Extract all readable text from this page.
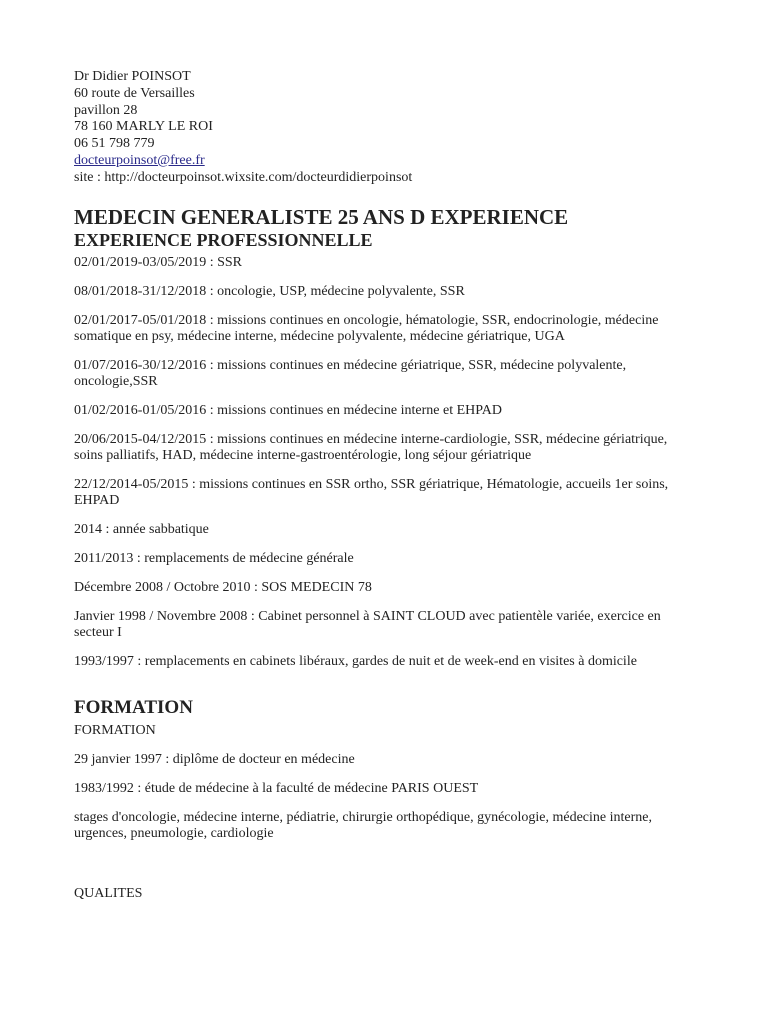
Dr Didier POINSOT
60 route de Versailles
pavillon 28
78 160 MARLY LE ROI
06 51 798 779
docteurpoinsot@free.fr
site : http://docteurpoinsot.wixsite.com/docteurdidierpoinsot
MEDECIN GENERALISTE 25 ANS D EXPERIENCE
EXPERIENCE PROFESSIONNELLE

02/01/2019-03/05/2019 : SSR

08/01/2018-31/12/2018 : oncologie, USP, médecine polyvalente, SSR

02/01/2017-05/01/2018 : missions continues en oncologie, hématologie, SSR, endocrinologie, médecine somatique en psy, médecine interne, médecine polyvalente, médecine gériatrique, UGA

01/07/2016-30/12/2016 : missions continues en médecine gériatrique, SSR, médecine polyvalente, oncologie,SSR

01/02/2016-01/05/2016 : missions continues en médecine interne et EHPAD

20/06/2015-04/12/2015 : missions continues en médecine interne-cardiologie, SSR, médecine gériatrique, soins palliatifs, HAD, médecine interne-gastroentérologie, long séjour gériatrique

22/12/2014-05/2015 : missions continues en SSR ortho, SSR gériatrique, Hématologie, accueils 1er soins, EHPAD

2014 : année sabbatique

2011/2013 : remplacements de médecine générale

Décembre 2008 / Octobre 2010 : SOS MEDECIN 78

Janvier 1998 / Novembre 2008 : Cabinet personnel à SAINT CLOUD avec patientèle variée, exercice en secteur I

1993/1997 : remplacements en cabinets libéraux, gardes de nuit et de week-end en visites à domicile

FORMATION
FORMATION

29 janvier 1997 : diplôme de docteur en médecine

1983/1992 : étude de médecine à la faculté de médecine PARIS OUEST

stages d'oncologie, médecine interne, pédiatrie, chirurgie orthopédique, gynécologie, médecine interne, urgences, pneumologie, cardiologie

QUALITES
